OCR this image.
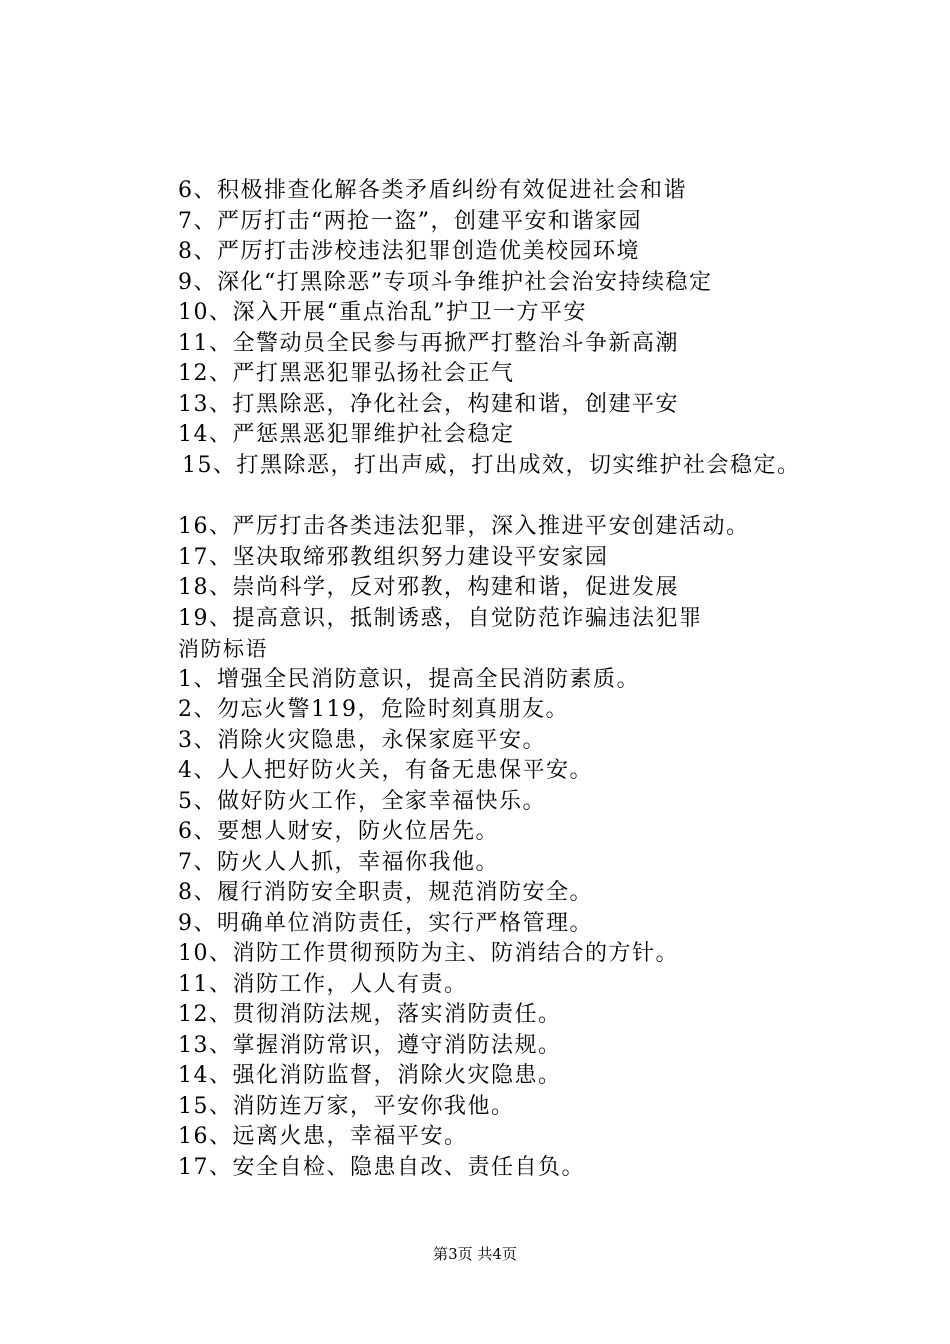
6、积极排查化解各类矛盾纠纷有效促进社会和谐
7、严厉打击“两抢一盗”，创建平安和谐家园
8、严厉打击涉校违法犯罪创造优美校园环境
9、深化“打黑除恶”专项斗争维护社会治安持续稳定
10、深入开展“重点治乱”护卫一方平安
11、全警动员全民参与再掀严打整治斗争新高潮
12、严打黑恶犯罪弘扬社会正气
13、打黑除恶，净化社会，构建和谐，创建平安
14、严惩黑恶犯罪维护社会稳定
15、打黑除恶，打出声威，打出成效，切实维护社会稳定。
16、严厉打击各类违法犯罪，深入推进平安创建活动。
17、坚决取缔邪教组织努力建设平安家园
18、崇尚科学，反对邪教，构建和谐，促进发展
19、提高意识，抵制诱惑，自觉防范诈骗违法犯罪
消防标语
1、增强全民消防意识，提高全民消防素质。
2、勿忘火警119，危险时刻真朋友。
3、消除火灾隐患，永保家庭平安。
4、人人把好防火关，有备无患保平安。
5、做好防火工作，全家幸福快乐。
6、要想人财安，防火位居先。
7、防火人人抓，幸福你我他。
8、履行消防安全职责，规范消防安全。
9、明确单位消防责任，实行严格管理。
10、消防工作贯彻预防为主、防消结合的方针。
11、消防工作，人人有责。
12、贯彻消防法规，落实消防责任。
13、掌握消防常识，遵守消防法规。
14、强化消防监督，消除火灾隐患。
15、消防连万家，平安你我他。
16、远离火患，幸福平安。
17、安全自检、隐患自改、责任自负。
第3页 共4页
